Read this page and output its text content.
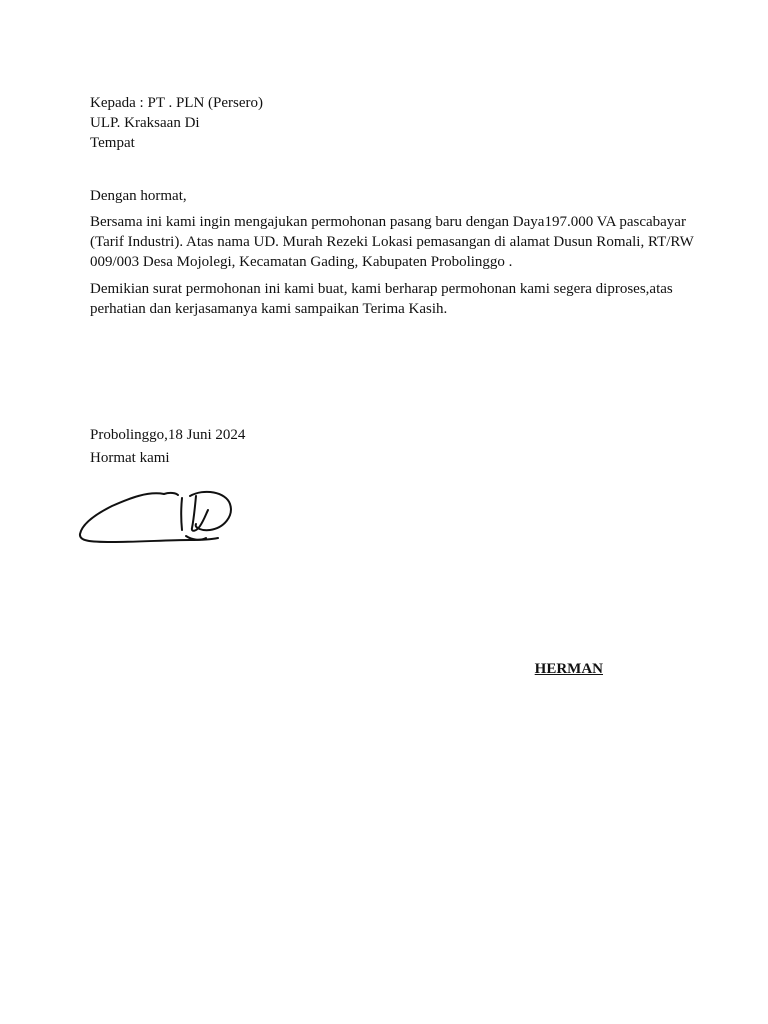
Kepada : PT . PLN (Persero)
ULP. Kraksaan Di
Tempat
Dengan hormat,
Bersama ini kami ingin mengajukan permohonan pasang baru dengan Daya197.000 VA pascabayar (Tarif Industri). Atas nama UD. Murah Rezeki Lokasi pemasangan di alamat Dusun Romali, RT/RW 009/003 Desa Mojolegi, Kecamatan Gading, Kabupaten Probolinggo .
Demikian surat permohonan ini kami buat, kami berharap permohonan kami segera diproses,atas perhatian dan kerjasamanya kami sampaikan Terima Kasih.
Probolinggo,18 Juni 2024
Hormat kami
HERMAN
